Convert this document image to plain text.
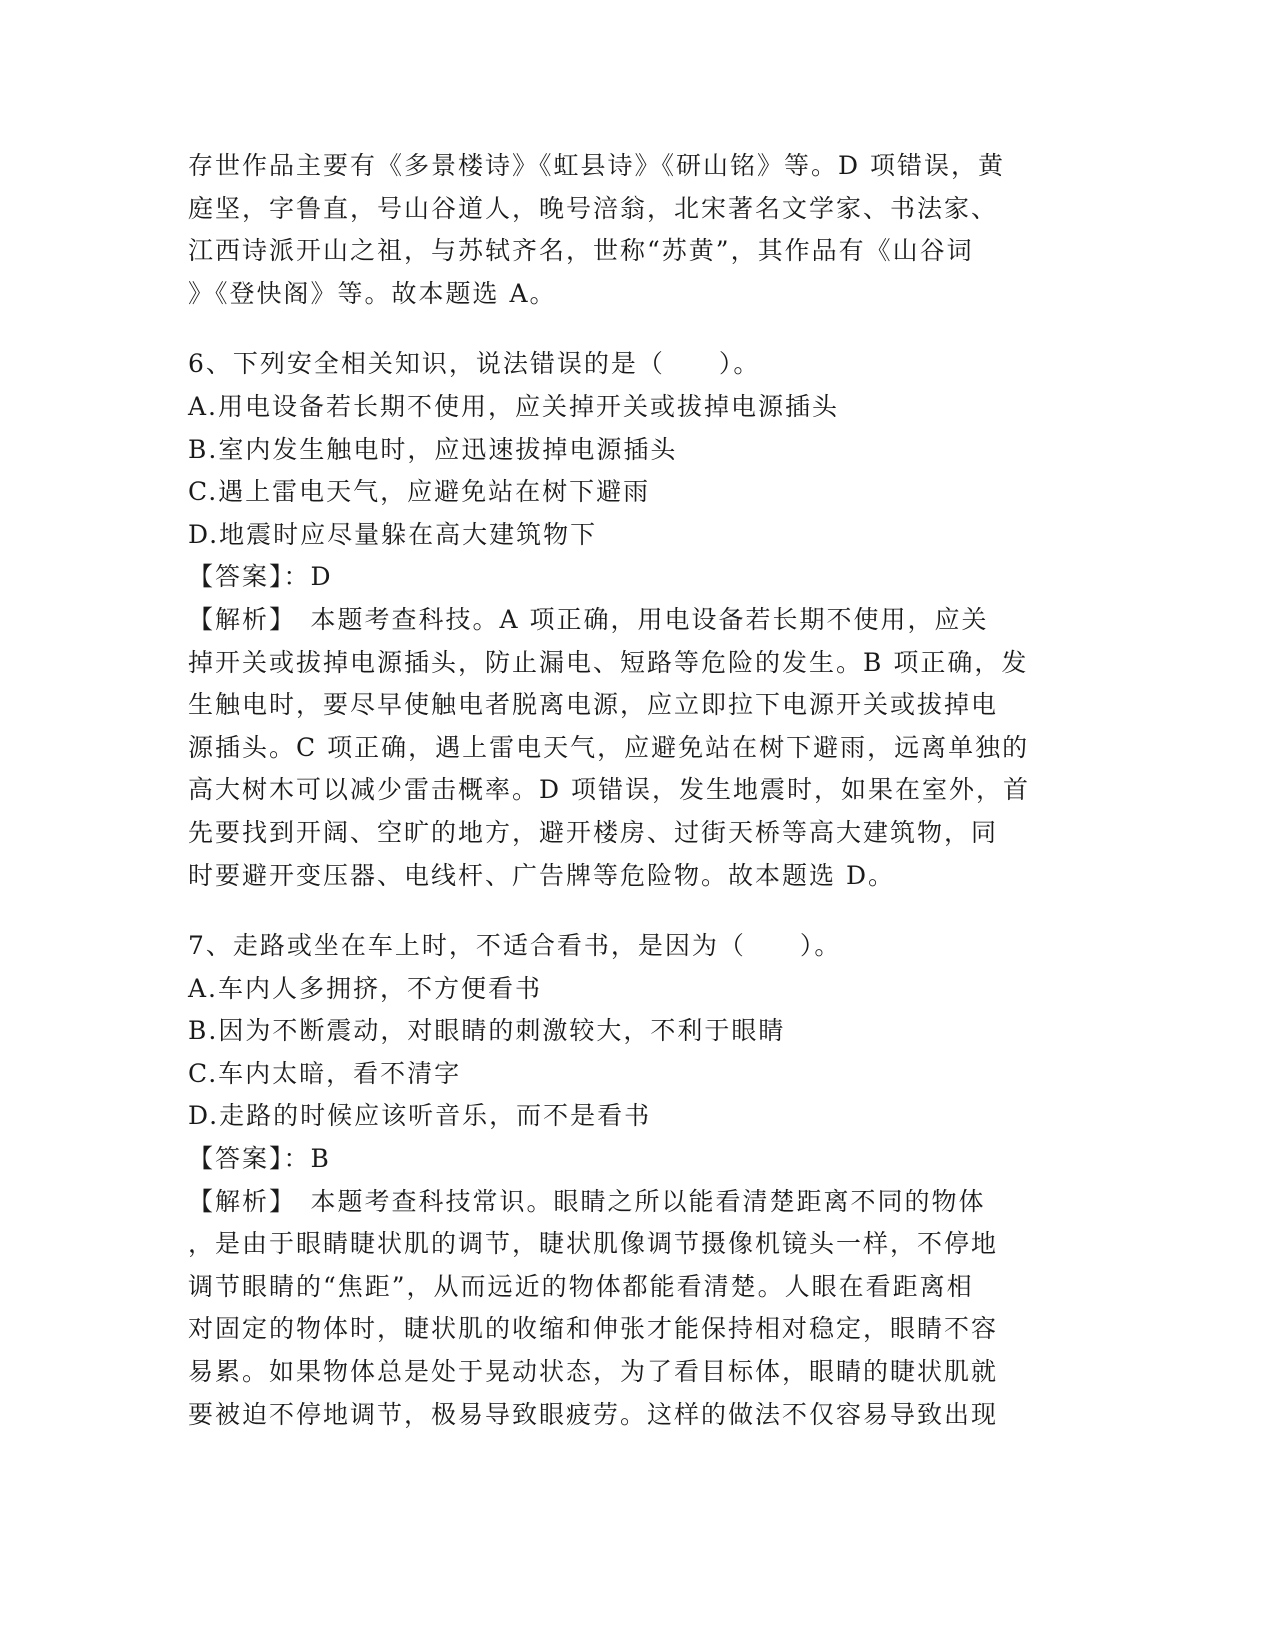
存世作品主要有《多景楼诗》《虹县诗》《研山铭》等。D 项错误，黄
庭坚，字鲁直，号山谷道人，晚号涪翁，北宋著名文学家、书法家、
江西诗派开山之祖，与苏轼齐名，世称“苏黄”，其作品有《山谷词
》《登快阁》等。故本题选 A。
6、下列安全相关知识，说法错误的是（　　）。
A.用电设备若长期不使用，应关掉开关或拔掉电源插头
B.室内发生触电时，应迅速拔掉电源插头
C.遇上雷电天气，应避免站在树下避雨
D.地震时应尽量躲在高大建筑物下
【答案】：D
【解析】　本题考查科技。A 项正确，用电设备若长期不使用，应关
掉开关或拔掉电源插头，防止漏电、短路等危险的发生。B 项正确，发
生触电时，要尽早使触电者脱离电源，应立即拉下电源开关或拔掉电
源插头。C 项正确，遇上雷电天气，应避免站在树下避雨，远离单独的
高大树木可以减少雷击概率。D 项错误，发生地震时，如果在室外，首
先要找到开阔、空旷的地方，避开楼房、过街天桥等高大建筑物，同
时要避开变压器、电线杆、广告牌等危险物。故本题选 D。
7、走路或坐在车上时，不适合看书，是因为（　　）。
A.车内人多拥挤，不方便看书
B.因为不断震动，对眼睛的刺激较大，不利于眼睛
C.车内太暗，看不清字
D.走路的时候应该听音乐，而不是看书
【答案】：B
【解析】　本题考查科技常识。眼睛之所以能看清楚距离不同的物体
，是由于眼睛睫状肌的调节，睫状肌像调节摄像机镜头一样，不停地
调节眼睛的“焦距”，从而远近的物体都能看清楚。人眼在看距离相
对固定的物体时，睫状肌的收缩和伸张才能保持相对稳定，眼睛不容
易累。如果物体总是处于晃动状态，为了看目标体，眼睛的睫状肌就
要被迫不停地调节，极易导致眼疲劳。这样的做法不仅容易导致出现
